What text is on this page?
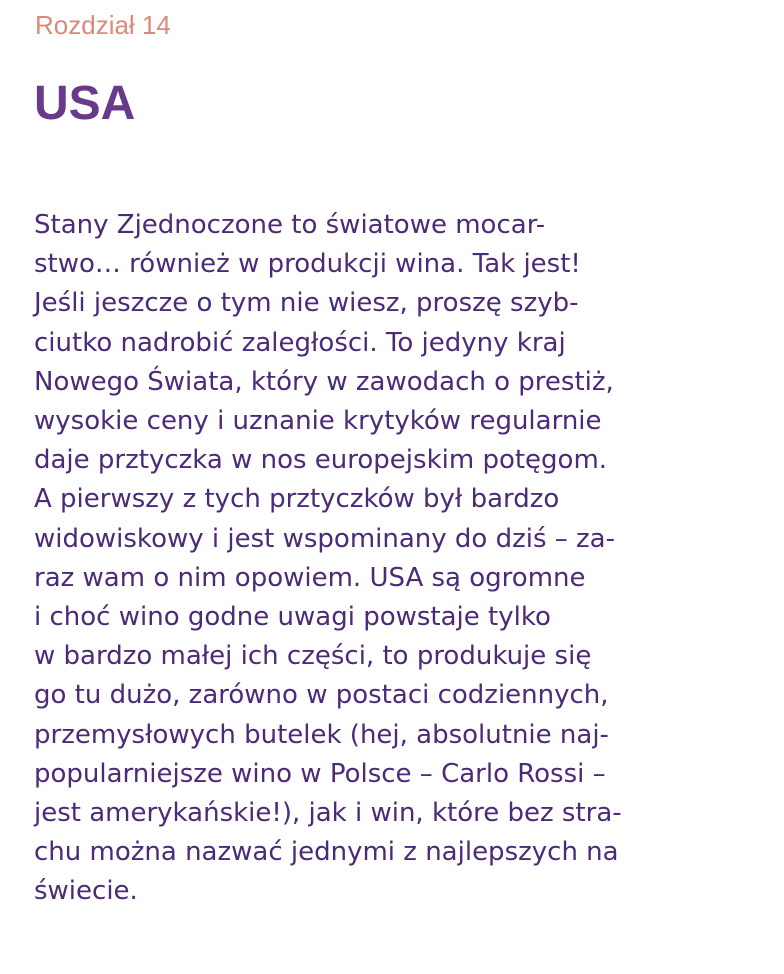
Rozdział 14
USA
Stany Zjednoczone to światowe mocar-
stwo… również w produkcji wina. Tak jest!
Jeśli jeszcze o tym nie wiesz, proszę szyb-
ciutko nadrobić zaległości. To jedyny kraj
Nowego Świata, który w zawodach o prestiż,
wysokie ceny i uznanie krytyków regularnie
daje prztyczka w nos europejskim potęgom.
A pierwszy z tych prztyczków był bardzo
widowiskowy i jest wspominany do dziś – za-
raz wam o nim opowiem. USA są ogromne
i choć wino godne uwagi powstaje tylko
w bardzo małej ich części, to produkuje się
go tu dużo, zarówno w postaci codziennych,
przemysłowych butelek (hej, absolutnie naj-
popularniejsze wino w Polsce – Carlo Rossi –
jest amerykańskie!), jak i win, które bez stra-
chu można nazwać jednymi z najlepszych na
świecie.
